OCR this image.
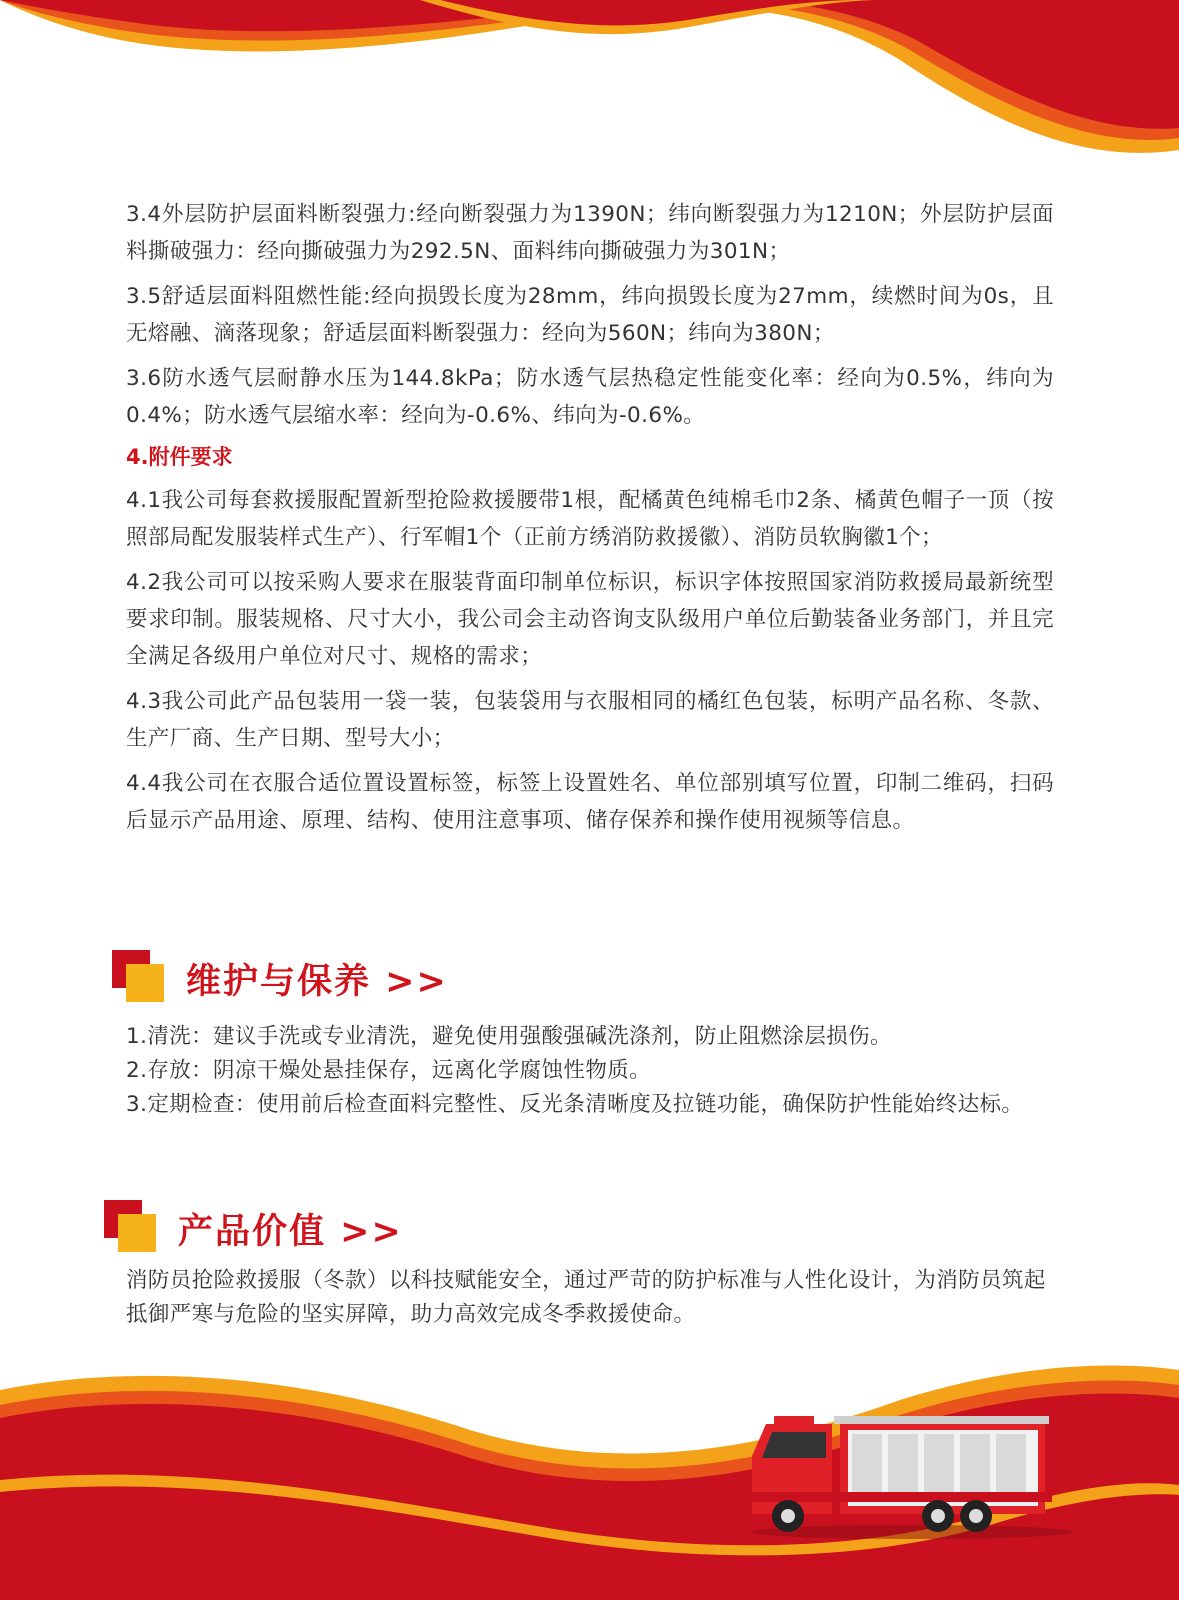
3.4外层防护层面料断裂强力:经向断裂强力为1390N；纬向断裂强力为1210N；外层防护层面料撕破强力：经向撕破强力为292.5N、面料纬向撕破强力为301N；

3.5舒适层面料阻燃性能:经向损毁长度为28mm，纬向损毁长度为27mm，续燃时间为0s，且无熔融、滴落现象；舒适层面料断裂强力：经向为560N；纬向为380N；

3.6防水透气层耐静水压为144.8kPa；防水透气层热稳定性能变化率：经向为0.5%，纬向为0.4%；防水透气层缩水率：经向为-0.6%、纬向为-0.6%。

4.附件要求

4.1我公司每套救援服配置新型抢险救援腰带1根，配橘黄色纯棉毛巾2条、橘黄色帽子一顶（按照部局配发服装样式生产）、行军帽1个（正前方绣消防救援徽）、消防员软胸徽1个；

4.2我公司可以按采购人要求在服装背面印制单位标识，标识字体按照国家消防救援局最新统型要求印制。服装规格、尺寸大小，我公司会主动咨询支队级用户单位后勤装备业务部门，并且完全满足各级用户单位对尺寸、规格的需求；

4.3我公司此产品包装用一袋一装，包装袋用与衣服相同的橘红色包装，标明产品名称、冬款、生产厂商、生产日期、型号大小；

4.4我公司在衣服合适位置设置标签，标签上设置姓名、单位部别填写位置，印制二维码，扫码后显示产品用途、原理、结构、使用注意事项、储存保养和操作使用视频等信息。

维护与保养 >>
1.清洗：建议手洗或专业清洗，避免使用强酸强碱洗涤剂，防止阻燃涂层损伤。
2.存放：阴凉干燥处悬挂保存，远离化学腐蚀性物质。
3.定期检查：使用前后检查面料完整性、反光条清晰度及拉链功能，确保防护性能始终达标。
产品价值 >>
消防员抢险救援服（冬款）以科技赋能安全，通过严苛的防护标准与人性化设计，为消防员筑起抵御严寒与危险的坚实屏障，助力高效完成冬季救援使命。
